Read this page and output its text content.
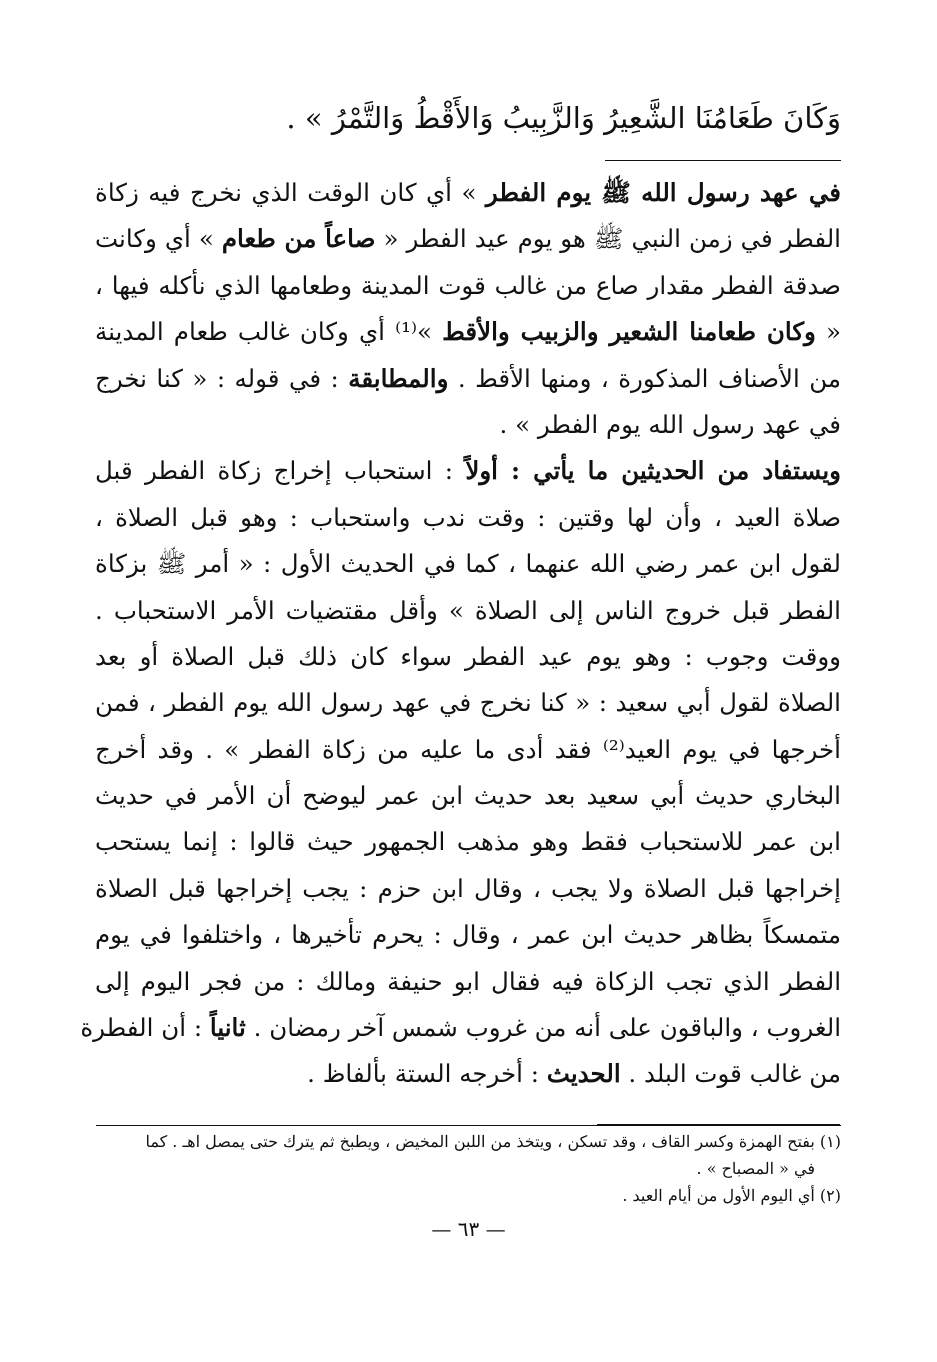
وَكَانَ طَعَامُنَا الشَّعِيرُ وَالزَّبِيبُ وَالأَقْطُ وَالتَّمْرُ » .
في عهد رسول الله ﷺ يوم الفطر » أي كان الوقت الذي نخرج فيه زكاة
الفطر في زمن النبي ﷺ هو يوم عيد الفطر « صاعاً من طعام » أي وكانت
صدقة الفطر مقدار صاع من غالب قوت المدينة وطعامها الذي نأكله فيها ،
« وكان طعامنا الشعير والزبيب والأقط »⁽¹⁾ أي وكان غالب طعام المدينة
من الأصناف المذكورة ، ومنها الأقط . والمطابقة : في قوله : « كنا نخرج
في عهد رسول الله يوم الفطر » .
ويستفاد من الحديثين ما يأتي : أولاً : استحباب إخراج زكاة الفطر قبل
صلاة العيد ، وأن لها وقتين : وقت ندب واستحباب : وهو قبل الصلاة ،
لقول ابن عمر رضي الله عنهما ، كما في الحديث الأول : « أمر ﷺ بزكاة
الفطر قبل خروج الناس إلى الصلاة » وأقل مقتضيات الأمر الاستحباب .
ووقت وجوب : وهو يوم عيد الفطر سواء كان ذلك قبل الصلاة أو بعد
الصلاة لقول أبي سعيد : « كنا نخرج في عهد رسول الله يوم الفطر ، فمن
أخرجها في يوم العيد⁽²⁾ فقد أدى ما عليه من زكاة الفطر » . وقد أخرج
البخاري حديث أبي سعيد بعد حديث ابن عمر ليوضح أن الأمر في حديث
ابن عمر للاستحباب فقط وهو مذهب الجمهور حيث قالوا : إنما يستحب
إخراجها قبل الصلاة ولا يجب ، وقال ابن حزم : يجب إخراجها قبل الصلاة
متمسكاً بظاهر حديث ابن عمر ، وقال : يحرم تأخيرها ، واختلفوا في يوم
الفطر الذي تجب الزكاة فيه فقال ابو حنيفة ومالك : من فجر اليوم إلى
الغروب ، والباقون على أنه من غروب شمس آخر رمضان . ثانياً : أن الفطرة
من غالب قوت البلد . الحديث : أخرجه الستة بألفاظ .
(١) بفتح الهمزة وكسر القاف ، وقد تسكن ، ويتخذ من اللبن المخيض ، ويطبخ ثم يترك حتى يمصل اهـ . كما
في « المصباح » .
(٢) أي اليوم الأول من أيام العيد .
— ٦٣ —
